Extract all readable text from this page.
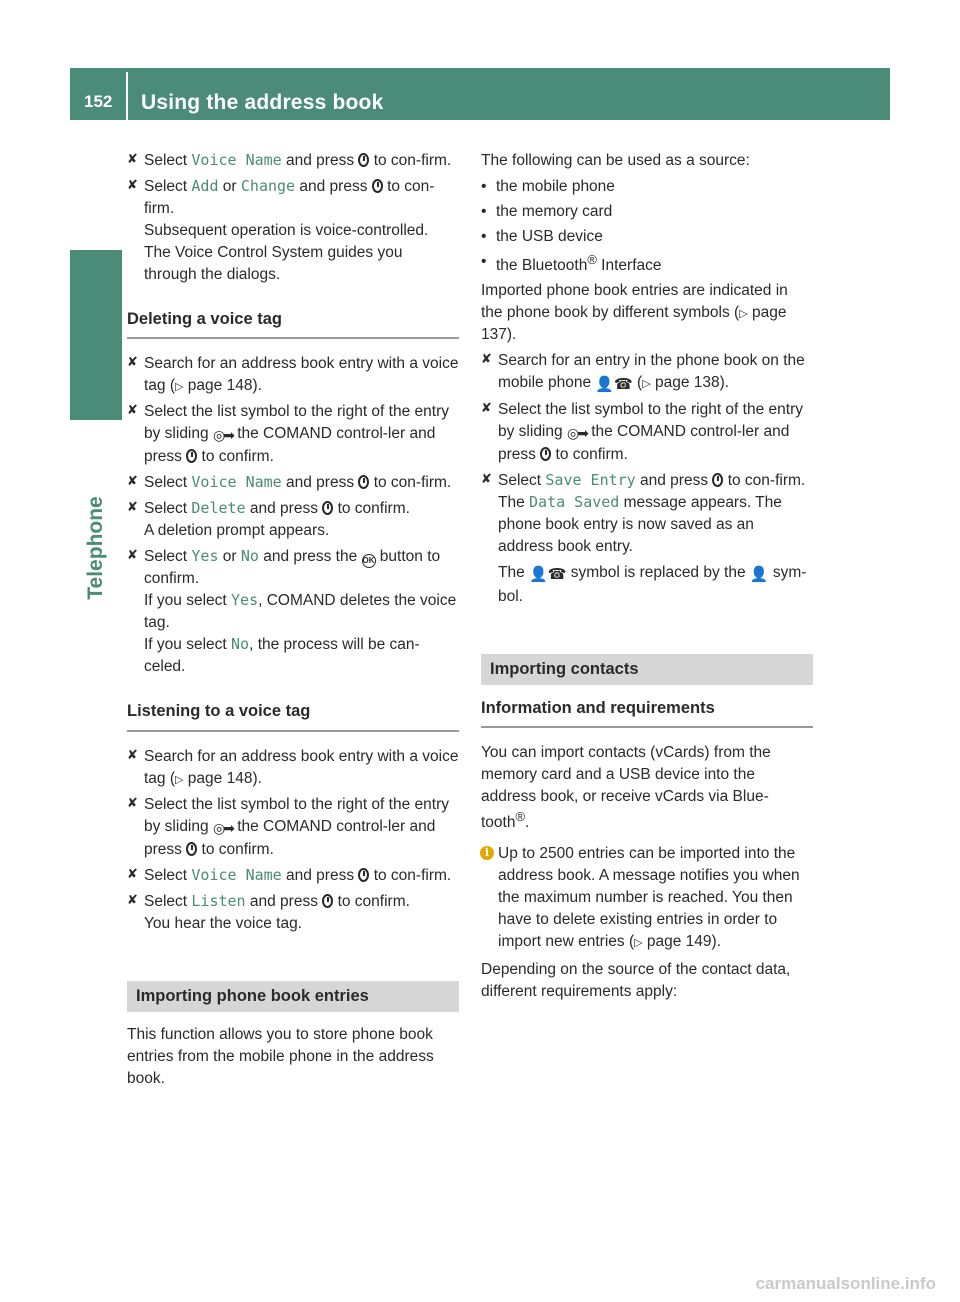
152 Using the address book
Telephone
✘ Select Voice Name and press  to con-firm.
✘ Select Add or Change and press  to con-firm.
Subsequent operation is voice-controlled. The Voice Control System guides you through the dialogs.
Deleting a voice tag
✘ Search for an address book entry with a voice tag (▷ page 148).
✘ Select the list symbol to the right of the entry by sliding ◎➡ the COMAND control-ler and press  to confirm.
✘ Select Voice Name and press  to con-firm.
✘ Select Delete and press  to confirm.
A deletion prompt appears.
✘ Select Yes or No and press the OK button to confirm.
If you select Yes, COMAND deletes the voice tag.
If you select No, the process will be can-celed.
Listening to a voice tag
✘ Search for an address book entry with a voice tag (▷ page 148).
✘ Select the list symbol to the right of the entry by sliding ◎➡ the COMAND control-ler and press  to confirm.
✘ Select Voice Name and press  to con-firm.
✘ Select Listen and press  to confirm.
You hear the voice tag.
Importing phone book entries
This function allows you to store phone book entries from the mobile phone in the address book.
The following can be used as a source:
• the mobile phone
• the memory card
• the USB device
• the Bluetooth® Interface
Imported phone book entries are indicated in the phone book by different symbols (▷ page 137).
✘ Search for an entry in the phone book on the mobile phone 👤☎ (▷ page 138).
✘ Select the list symbol to the right of the entry by sliding ◎➡ the COMAND control-ler and press  to confirm.
✘ Select Save Entry and press  to con-firm.
The Data Saved message appears. The phone book entry is now saved as an address book entry.
The 👤☎ symbol is replaced by the 👤 sym-bol.
Importing contacts
Information and requirements
You can import contacts (vCards) from the memory card and a USB device into the address book, or receive vCards via Blue-tooth®.
i Up to 2500 entries can be imported into the address book. A message notifies you when the maximum number is reached. You then have to delete existing entries in order to import new entries (▷ page 149).
Depending on the source of the contact data, different requirements apply:
carmanualsonline.info
